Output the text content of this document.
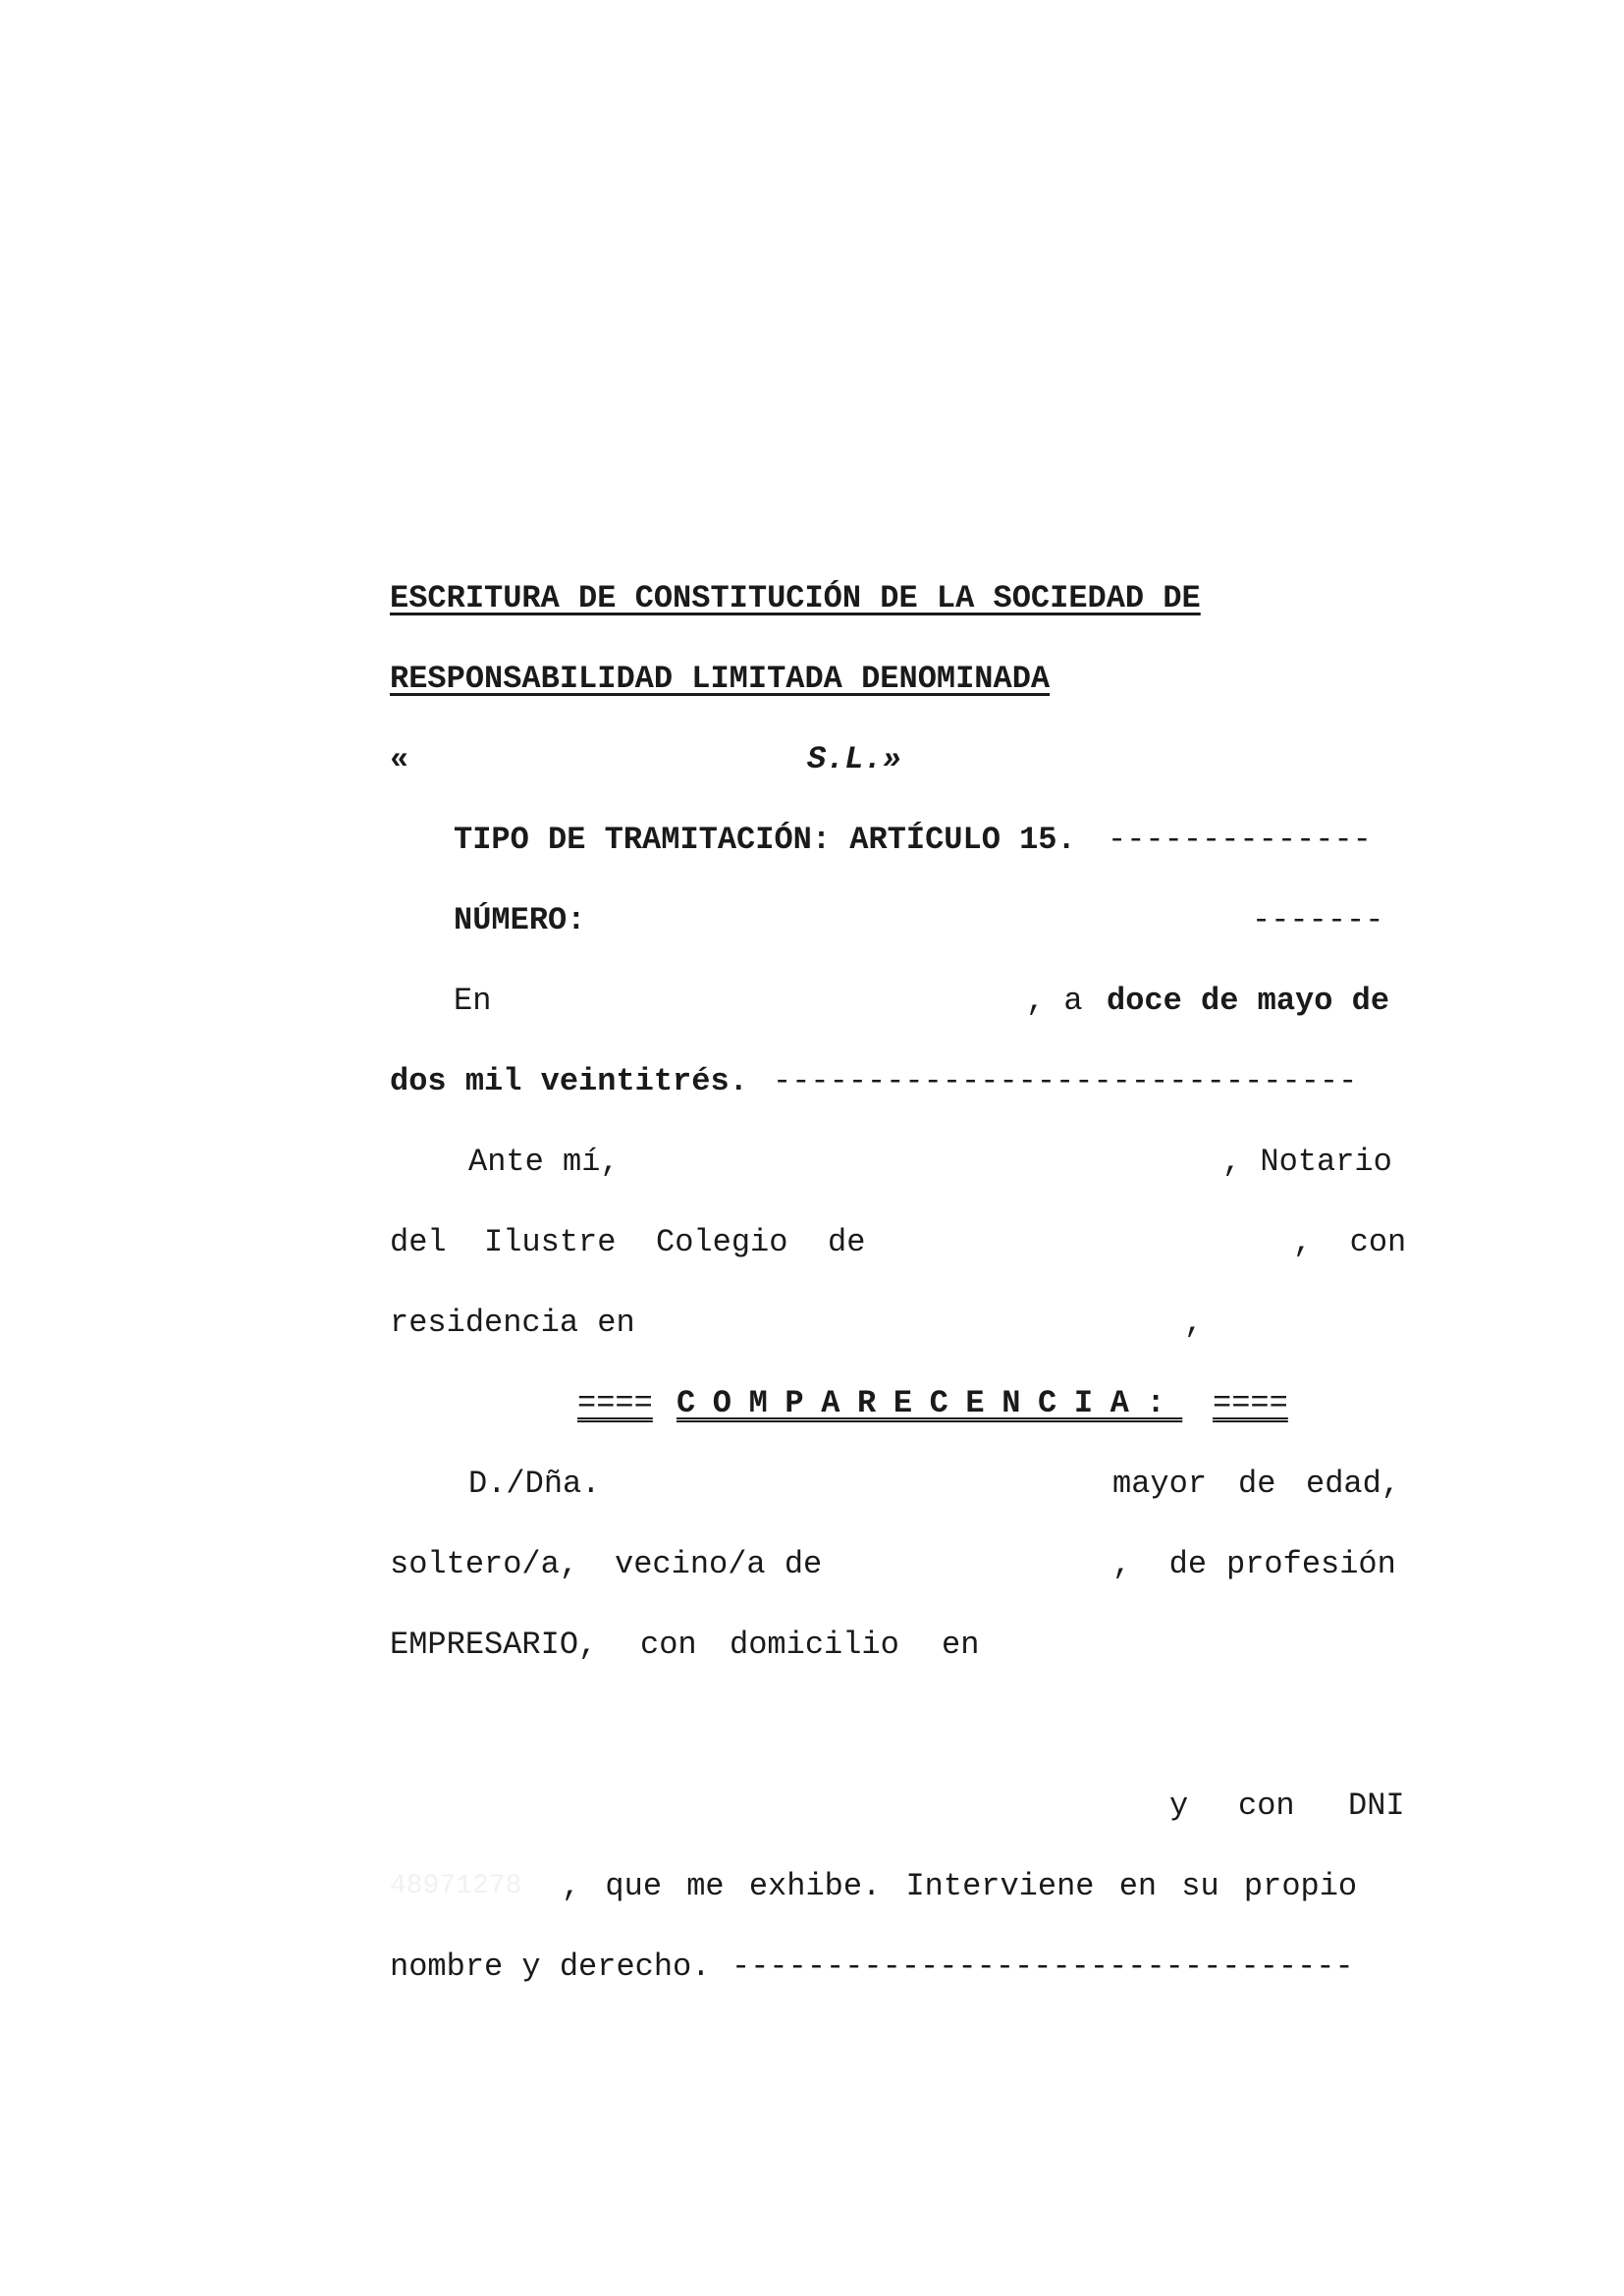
ESCRITURA DE CONSTITUCIÓN DE LA SOCIEDAD DE
RESPONSABILIDAD LIMITADA DENOMINADA
«	S.L.»
TIPO DE TRAMITACIÓN: ARTÍCULO 15. --------------
NÚMERO:	-------
En	, a doce de mayo de
dos mil veintitrés. -------------------------------
Ante mí,	, Notario
del Ilustre Colegio de	,  con
residencia en	,
==== COMPARECENCIA: ====
D./Dña.	mayor de edad,
soltero/a, vecino/a de	,  de profesión
EMPRESARIO, con domicilio en
y con DNI
48971278 , que me exhibe. Interviene en su propio
nombre y derecho. ---------------------------------
